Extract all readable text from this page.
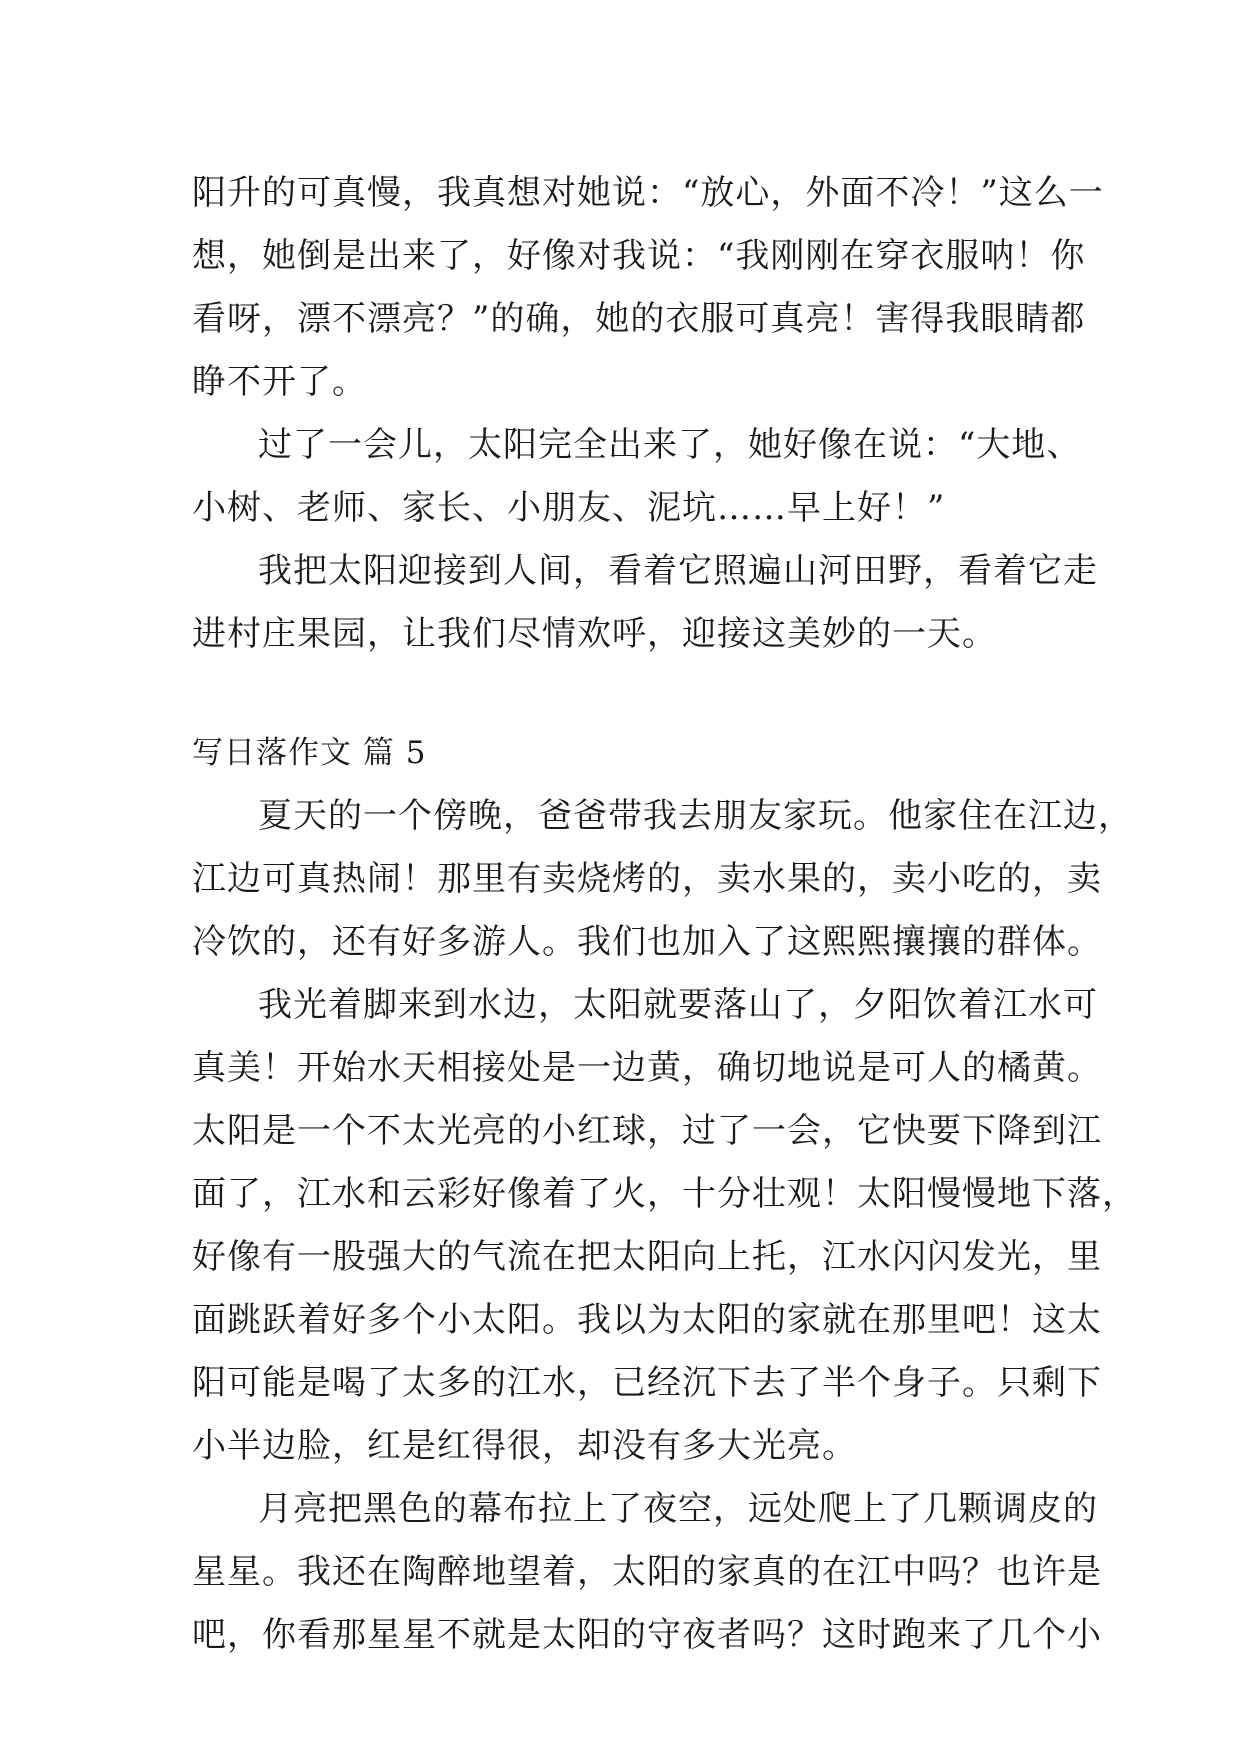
阳升的可真慢，我真想对她说：“放心，外面不冷！”这么一
想，她倒是出来了，好像对我说：“我刚刚在穿衣服呐！你
看呀，漂不漂亮？”的确，她的衣服可真亮！害得我眼睛都
睁不开了。
过了一会儿，太阳完全出来了，她好像在说：“大地、
小树、老师、家长、小朋友、泥坑……早上好！”
我把太阳迎接到人间，看着它照遍山河田野，看着它走
进村庄果园，让我们尽情欢呼，迎接这美妙的一天。
写日落作文 篇 5
夏天的一个傍晚，爸爸带我去朋友家玩。他家住在江边，
江边可真热闹！那里有卖烧烤的，卖水果的，卖小吃的，卖
冷饮的，还有好多游人。我们也加入了这熙熙攘攘的群体。
我光着脚来到水边，太阳就要落山了，夕阳饮着江水可
真美！开始水天相接处是一边黄，确切地说是可人的橘黄。
太阳是一个不太光亮的小红球，过了一会，它快要下降到江
面了，江水和云彩好像着了火，十分壮观！太阳慢慢地下落，
好像有一股强大的气流在把太阳向上托，江水闪闪发光，里
面跳跃着好多个小太阳。我以为太阳的家就在那里吧！这太
阳可能是喝了太多的江水，已经沉下去了半个身子。只剩下
小半边脸，红是红得很，却没有多大光亮。
月亮把黑色的幕布拉上了夜空，远处爬上了几颗调皮的
星星。我还在陶醉地望着，太阳的家真的在江中吗？也许是
吧，你看那星星不就是太阳的守夜者吗？这时跑来了几个小
